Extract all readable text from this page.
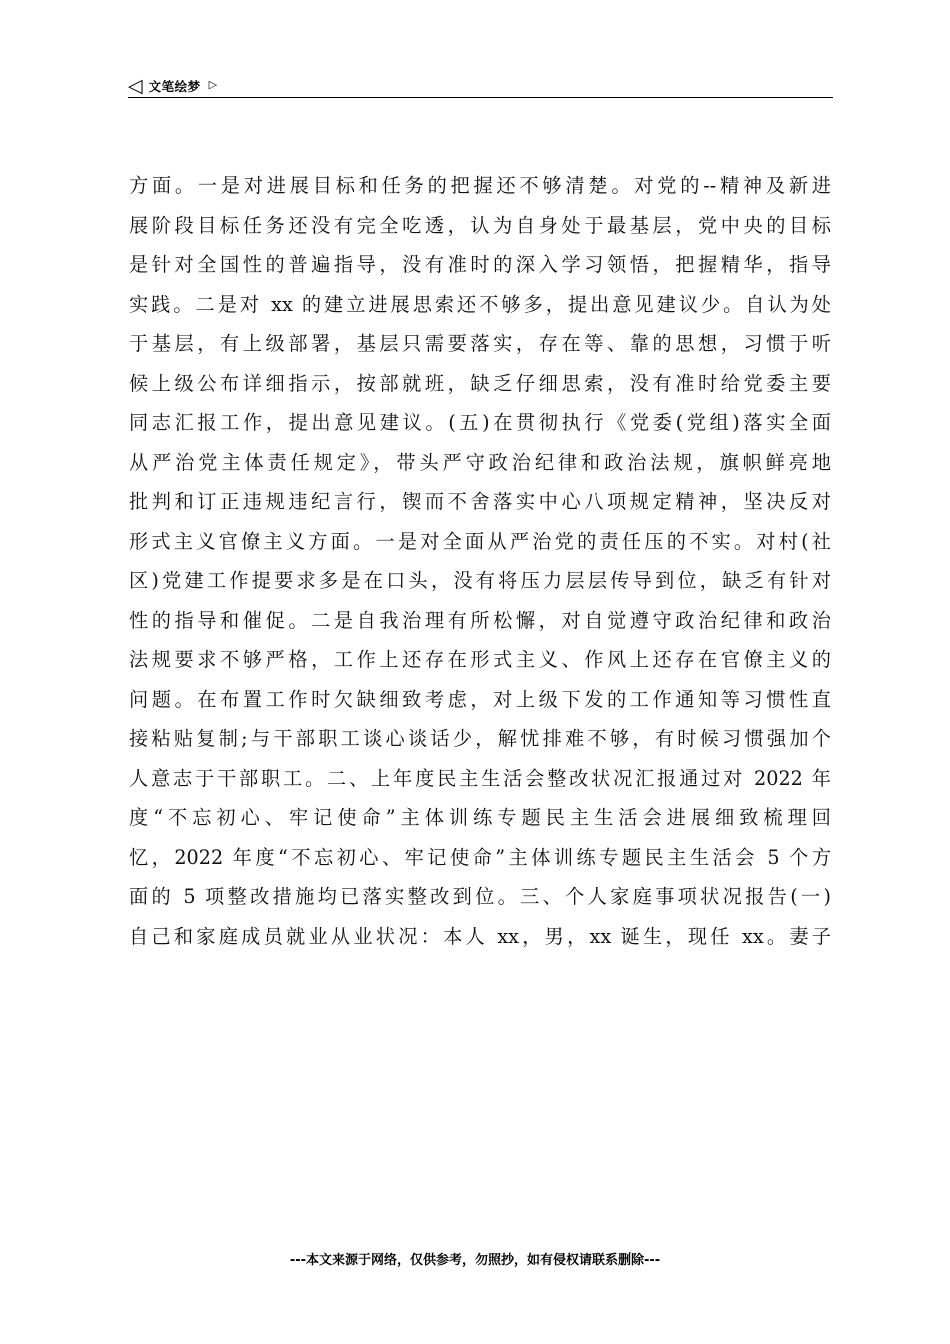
◁ 文笔绘梦 ▷
方面。一是对进展目标和任务的把握还不够清楚。对党的--精神及新进
展阶段目标任务还没有完全吃透，认为自身处于最基层，党中央的目标
是针对全国性的普遍指导，没有准时的深入学习领悟，把握精华，指导
实践。二是对 xx 的建立进展思索还不够多，提出意见建议少。自认为处
于基层，有上级部署，基层只需要落实，存在等、靠的思想，习惯于听
候上级公布详细指示，按部就班，缺乏仔细思索，没有准时给党委主要
同志汇报工作，提出意见建议。(五)在贯彻执行《党委(党组)落实全面
从严治党主体责任规定》，带头严守政治纪律和政治法规，旗帜鲜亮地
批判和订正违规违纪言行，锲而不舍落实中心八项规定精神，坚决反对
形式主义官僚主义方面。一是对全面从严治党的责任压的不实。对村(社
区)党建工作提要求多是在口头，没有将压力层层传导到位，缺乏有针对
性的指导和催促。二是自我治理有所松懈，对自觉遵守政治纪律和政治
法规要求不够严格，工作上还存在形式主义、作风上还存在官僚主义的
问题。在布置工作时欠缺细致考虑，对上级下发的工作通知等习惯性直
接粘贴复制;与干部职工谈心谈话少，解忧排难不够，有时候习惯强加个
人意志于干部职工。二、上年度民主生活会整改状况汇报通过对 2022 年
度“不忘初心、牢记使命”主体训练专题民主生活会进展细致梳理回
忆，2022 年度“不忘初心、牢记使命”主体训练专题民主生活会 5 个方
面的 5 项整改措施均已落实整改到位。三、个人家庭事项状况报告(一)
自己和家庭成员就业从业状况：本人 xx，男，xx 诞生，现任 xx。妻子
---本文来源于网络，仅供参考，勿照抄，如有侵权请联系删除---
